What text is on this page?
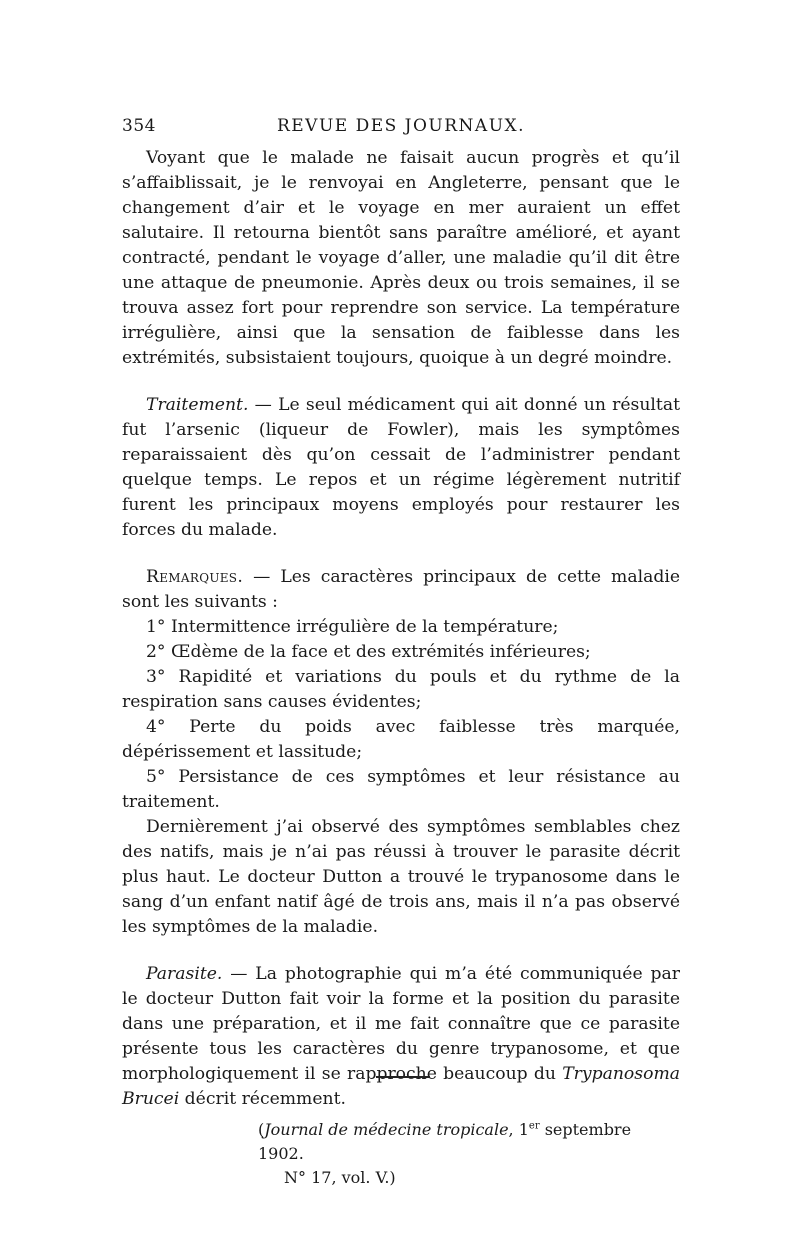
354	REVUE DES JOURNAUX.

Voyant que le malade ne faisait aucun progrès et qu’il s’affaiblissait, je le renvoyai en Angleterre, pensant que le changement d’air et le voyage en mer auraient un effet salutaire. Il retourna bientôt sans paraître amélioré, et ayant contracté, pendant le voyage d’aller, une maladie qu’il dit être une attaque de pneumonie. Après deux ou trois semaines, il se trouva assez fort pour reprendre son service. La température irrégulière, ainsi que la sensation de faiblesse dans les extrémités, subsistaient toujours, quoique à un degré moindre.

Traitement. — Le seul médicament qui ait donné un résultat fut l’arsenic (liqueur de Fowler), mais les symptômes reparaissaient dès qu’on cessait de l’administrer pendant quelque temps. Le repos et un régime légèrement nutritif furent les principaux moyens employés pour restaurer les forces du malade.

Remarques. — Les caractères principaux de cette maladie sont les suivants :

1° Intermittence irrégulière de la température;

2° Œdème de la face et des extrémités inférieures;

3° Rapidité et variations du pouls et du rythme de la respiration sans causes évidentes;

4° Perte du poids avec faiblesse très marquée, dépérissement et lassitude;

5° Persistance de ces symptômes et leur résistance au traitement.

Dernièrement j’ai observé des symptômes semblables chez des natifs, mais je n’ai pas réussi à trouver le parasite décrit plus haut. Le docteur Dutton a trouvé le trypanosome dans le sang d’un enfant natif âgé de trois ans, mais il n’a pas observé les symptômes de la maladie.

Parasite. — La photographie qui m’a été communiquée par le docteur Dutton fait voir la forme et la position du parasite dans une préparation, et il me fait connaître que ce parasite présente tous les caractères du genre trypanosome, et que morphologiquement il se rapproche beaucoup du Trypanosoma Brucei décrit récemment.

(Journal de médecine tropicale, 1er septembre 1902.
N° 17, vol. V.)
